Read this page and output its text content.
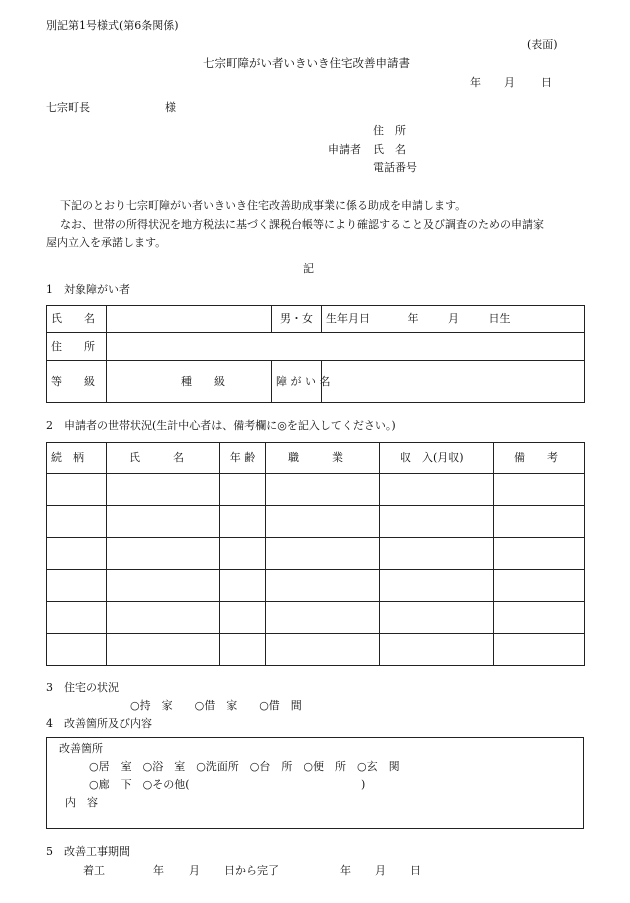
別記第1号様式(第6条関係)
(表面)
七宗町障がい者いきいき住宅改善申請書
年 月 日
七宗町長	様
住　所
申請者 氏　名
電話番号
下記のとおり七宗町障がい者いきいき住宅改善助成事業に係る助成を申請します。
なお、世帯の所得状況を地方税法に基づく課税台帳等により確認すること及び調査のための申請家
屋内立入を承諾します。
記
1　対象障がい者
氏　　名		男・女	生年月日 年 月 日生
住　　所			
等　　級	種　　級	障 が い 名	
2　申請者の世帯状況(生計中心者は、備考欄に◎を記入してください。)
続　柄	氏　　　名	年 齢	職　　　業	収　入(月収)	備　　考

3　住宅の状況
○持　家　　○借　家　　○借　間
4　改善箇所及び内容
改善箇所
○居　室　○浴　室　○洗面所　○台　所　○便　所　○玄　関
○廊　下　○その他(	)
内　容
5　改善工事期間
着工	年 月 日から完了	年 月 日
